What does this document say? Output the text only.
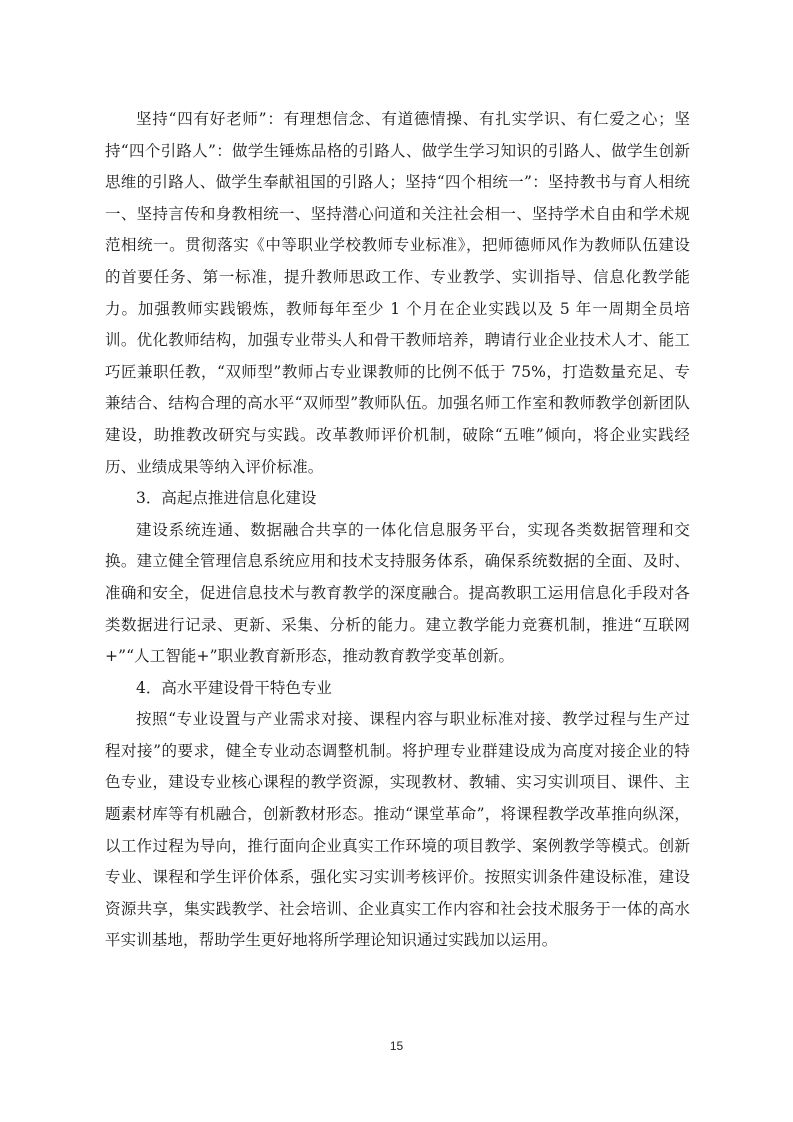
坚持“四有好老师”：有理想信念、有道德情操、有扎实学识、有仁爱之心；坚持“四个引路人”：做学生锤炼品格的引路人、做学生学习知识的引路人、做学生创新思维的引路人、做学生奉献祖国的引路人；坚持“四个相统一”：坚持教书与育人相统一、坚持言传和身教相统一、坚持潜心问道和关注社会相一、坚持学术自由和学术规范相统一。贯彻落实《中等职业学校教师专业标准》，把师德师风作为教师队伍建设的首要任务、第一标准，提升教师思政工作、专业教学、实训指导、信息化教学能力。加强教师实践锻炼，教师每年至少 1 个月在企业实践以及 5 年一周期全员培训。优化教师结构，加强专业带头人和骨干教师培养，聘请行业企业技术人才、能工巧匠兼职任教，“双师型”教师占专业课教师的比例不低于 75%，打造数量充足、专兼结合、结构合理的高水平“双师型”教师队伍。加强名师工作室和教师教学创新团队建设，助推教改研究与实践。改革教师评价机制，破除“五唯”倾向，将企业实践经历、业绩成果等纳入评价标准。

3．高起点推进信息化建设

建设系统连通、数据融合共享的一体化信息服务平台，实现各类数据管理和交换。建立健全管理信息系统应用和技术支持服务体系，确保系统数据的全面、及时、准确和安全，促进信息技术与教育教学的深度融合。提高教职工运用信息化手段对各类数据进行记录、更新、采集、分析的能力。建立教学能力竞赛机制，推进“互联网+”“人工智能+”职业教育新形态，推动教育教学变革创新。

4．高水平建设骨干特色专业

按照“专业设置与产业需求对接、课程内容与职业标准对接、教学过程与生产过程对接”的要求，健全专业动态调整机制。将护理专业群建设成为高度对接企业的特色专业，建设专业核心课程的教学资源，实现教材、教辅、实习实训项目、课件、主题素材库等有机融合，创新教材形态。推动“课堂革命”，将课程教学改革推向纵深，以工作过程为导向，推行面向企业真实工作环境的项目教学、案例教学等模式。创新专业、课程和学生评价体系，强化实习实训考核评价。按照实训条件建设标准，建设资源共享，集实践教学、社会培训、企业真实工作内容和社会技术服务于一体的高水平实训基地，帮助学生更好地将所学理论知识通过实践加以运用。

15
